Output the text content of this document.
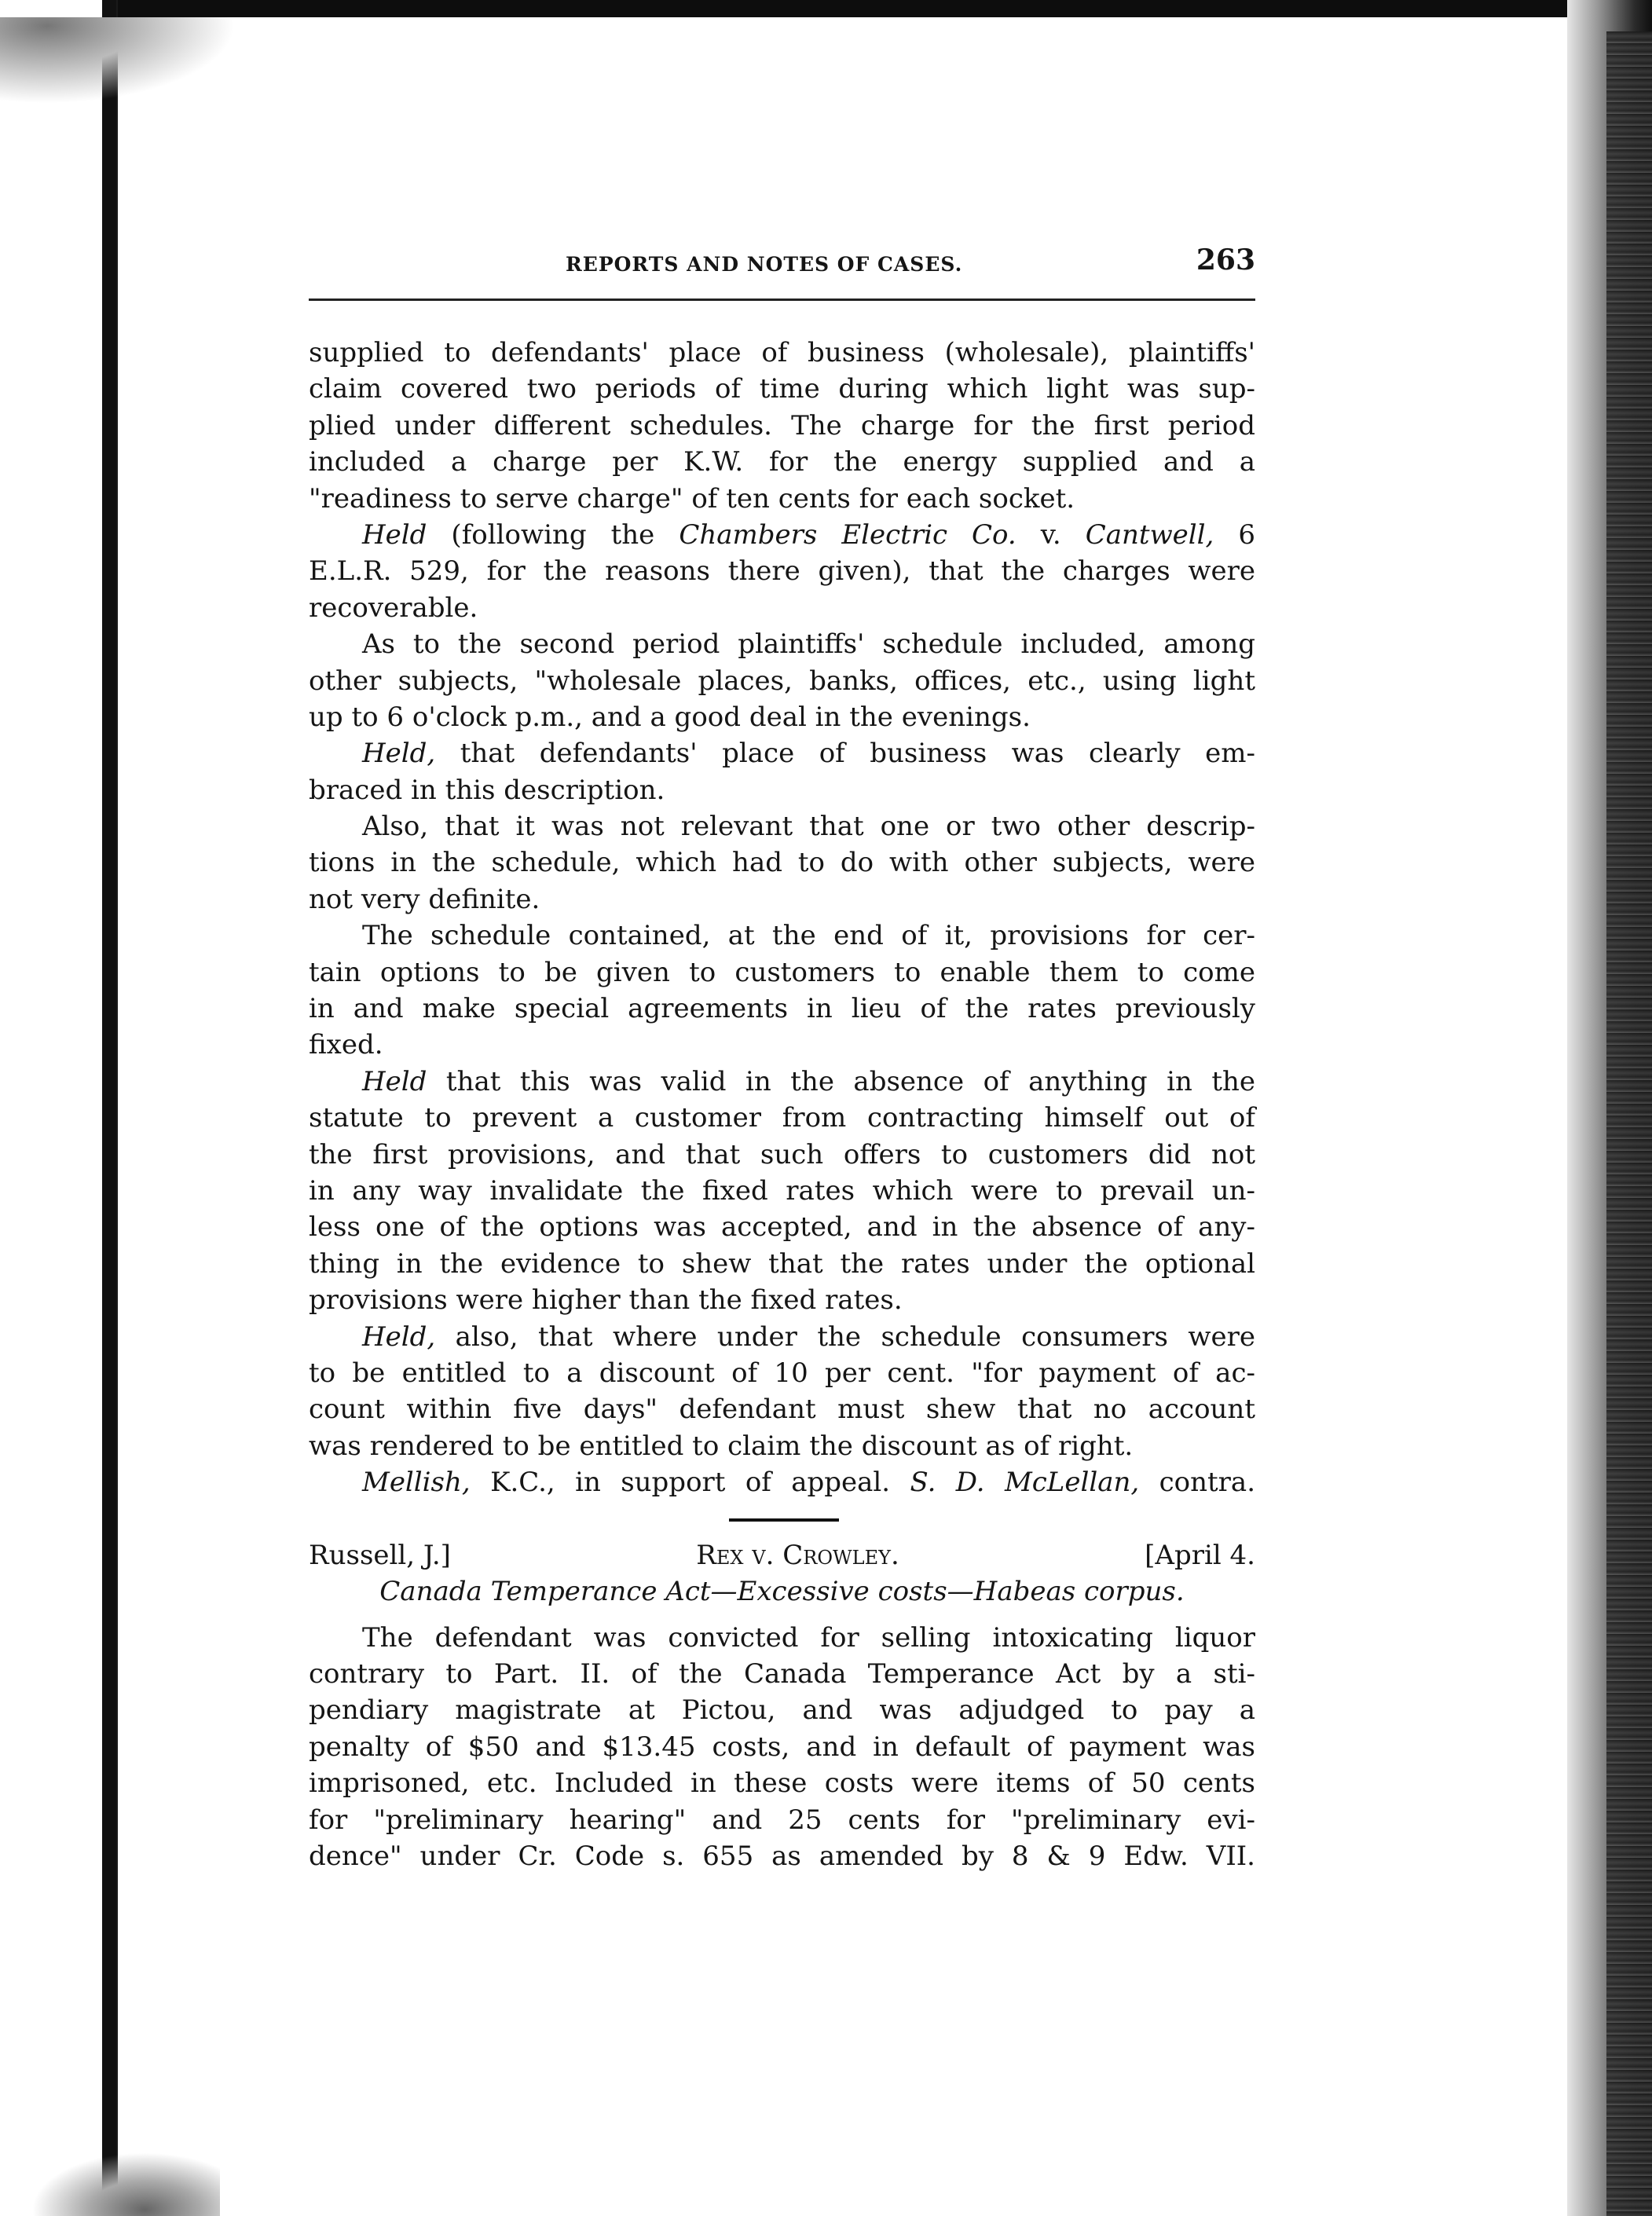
REPORTS AND NOTES OF CASES.	263
supplied to defendants' place of business (wholesale), plaintiffs'
claim covered two periods of time during which light was sup-
plied under different schedules. The charge for the first period
included a charge per K.W. for the energy supplied and a
"readiness to serve charge" of ten cents for each socket.
Held (following the Chambers Electric Co. v. Cantwell, 6
E.L.R. 529, for the reasons there given), that the charges were
recoverable.
As to the second period plaintiffs' schedule included, among
other subjects, "wholesale places, banks, offices, etc., using light
up to 6 o'clock p.m., and a good deal in the evenings.
Held, that defendants' place of business was clearly em-
braced in this description.
Also, that it was not relevant that one or two other descrip-
tions in the schedule, which had to do with other subjects, were
not very definite.
The schedule contained, at the end of it, provisions for cer-
tain options to be given to customers to enable them to come
in and make special agreements in lieu of the rates previously
fixed.
Held that this was valid in the absence of anything in the
statute to prevent a customer from contracting himself out of
the first provisions, and that such offers to customers did not
in any way invalidate the fixed rates which were to prevail un-
less one of the options was accepted, and in the absence of any-
thing in the evidence to shew that the rates under the optional
provisions were higher than the fixed rates.
Held, also, that where under the schedule consumers were
to be entitled to a discount of 10 per cent. "for payment of ac-
count within five days" defendant must shew that no account
was rendered to be entitled to claim the discount as of right.
Mellish, K.C., in support of appeal. S. D. McLellan, contra.
Russell, J.]	Rex v. Crowley.	[April 4.
Canada Temperance Act—Excessive costs—Habeas corpus.
The defendant was convicted for selling intoxicating liquor
contrary to Part. II. of the Canada Temperance Act by a sti-
pendiary magistrate at Pictou, and was adjudged to pay a
penalty of $50 and $13.45 costs, and in default of payment was
imprisoned, etc. Included in these costs were items of 50 cents
for "preliminary hearing" and 25 cents for "preliminary evi-
dence" under Cr. Code s. 655 as amended by 8 & 9 Edw. VII.
